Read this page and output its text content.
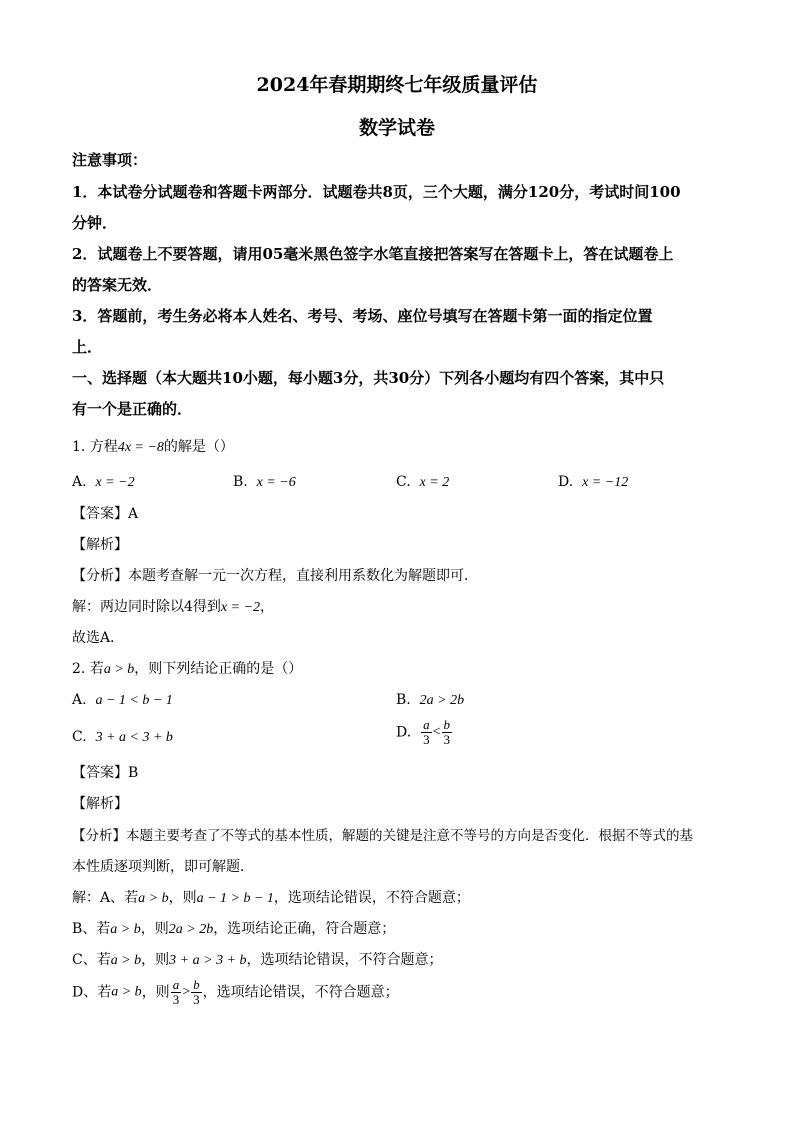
2024年春期期终七年级质量评估
数学试卷
注意事项：
1．本试卷分试题卷和答题卡两部分．试题卷共8页，三个大题，满分120分，考试时间100
分钟．
2．试题卷上不要答题，请用05毫米黑色签字水笔直接把答案写在答题卡上，答在试题卷上
的答案无效．
3．答题前，考生务必将本人姓名、考号、考场、座位号填写在答题卡第一面的指定位置
上．
一、选择题（本大题共10小题，每小题3分，共30分）下列各小题均有四个答案，其中只
有一个是正确的．
1. 方程4x = −8的解是（）
A. x = −2	B. x = −6	C. x = 2	D. x = −12
【答案】A
【解析】
【分析】本题考查解一元一次方程，直接利用系数化为解题即可．
解：两边同时除以4得到x = −2，
故选A．
2. 若a > b，则下列结论正确的是（）
A. a − 1 < b − 1	B. 2a > 2b
C. 3 + a < 3 + b	D. $\frac{a}{3} < \frac{b}{3}$
【答案】B
【解析】
【分析】本题主要考查了不等式的基本性质，解题的关键是注意不等号的方向是否变化．根据不等式的基
本性质逐项判断，即可解题．
解：A、若a > b，则a − 1 > b − 1，选项结论错误，不符合题意；
B、若a > b，则2a > 2b，选项结论正确，符合题意；
C、若a > b，则3 + a > 3 + b，选项结论错误，不符合题意；
D、若a > b，则 $\frac{a}{3} > \frac{b}{3}$ ，选项结论错误，不符合题意；
